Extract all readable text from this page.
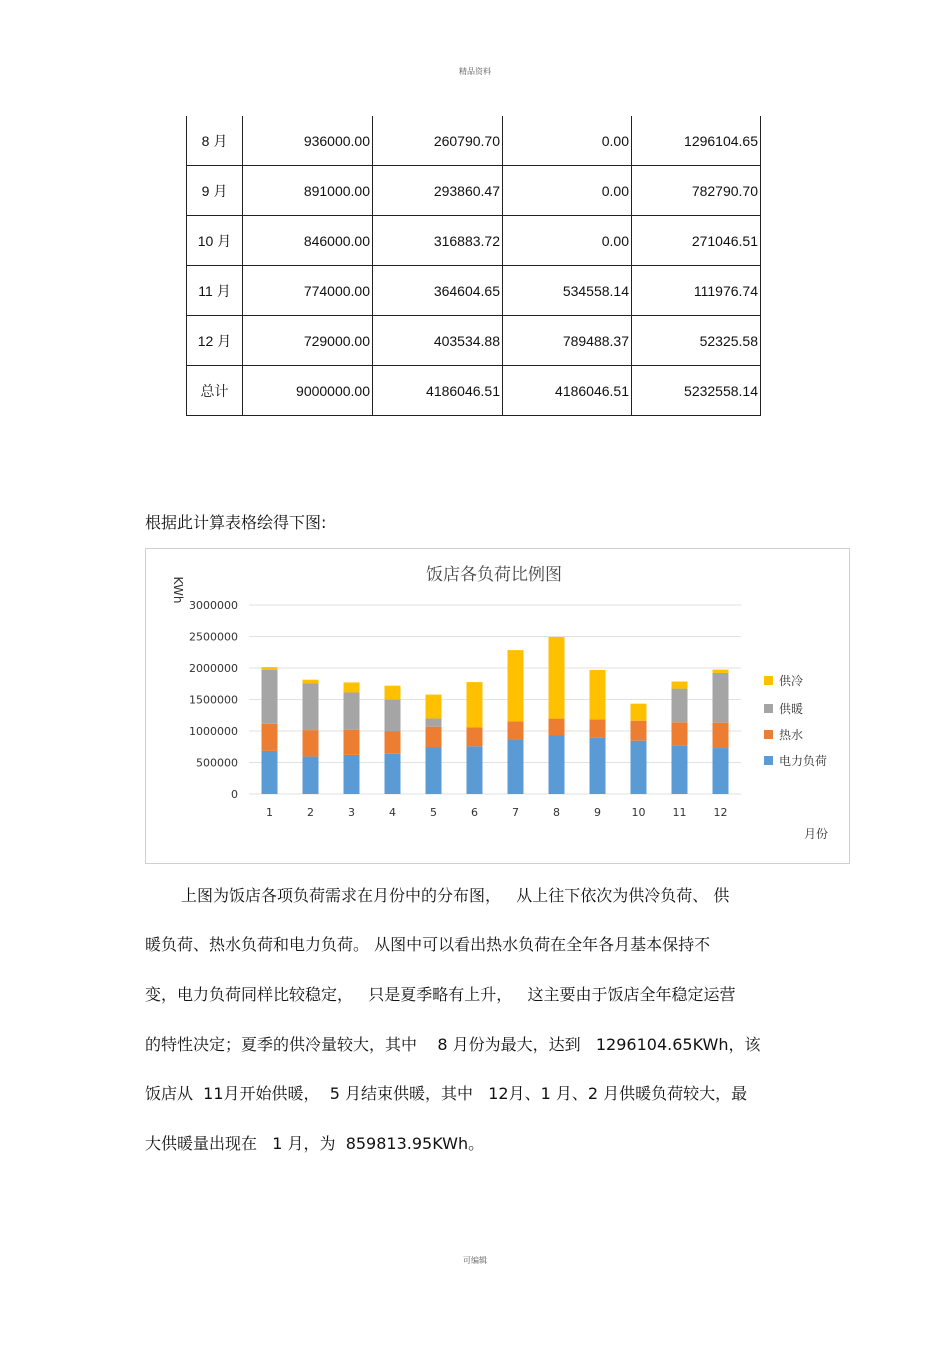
精品资料
8 月	936000.00	260790.70	0.00	1296104.65
9 月	891000.00	293860.47	0.00	782790.70
10 月	846000.00	316883.72	0.00	271046.51
11 月	774000.00	364604.65	534558.14	111976.74
12 月	729000.00	403534.88	789488.37	52325.58
总计	9000000.00	4186046.51	4186046.51	5232558.14
根据此计算表格绘得下图:
饭店各负荷比例图
KWh
月份
3000000
2500000
2000000
1500000
1000000
500000
0
1	2	3	4	5	6	7	8	9	10 11 12
供冷
供暖
热水
电力负荷
上图为饭店各项负荷需求在月份中的分布图，   从上往下依次为供冷负荷、 供
暖负荷、热水负荷和电力负荷。 从图中可以看出热水负荷在全年各月基本保持不
变，电力负荷同样比较稳定，   只是夏季略有上升，   这主要由于饭店全年稳定运营
的特性决定；夏季的供冷量较大，其中    8 月份为最大，达到   1296104.65KWh，该
饭店从  11月开始供暖，  5 月结束供暖，其中   12月、1 月、2 月供暖负荷较大，最
大供暖量出现在   1 月，为  859813.95KWh。
可编辑
